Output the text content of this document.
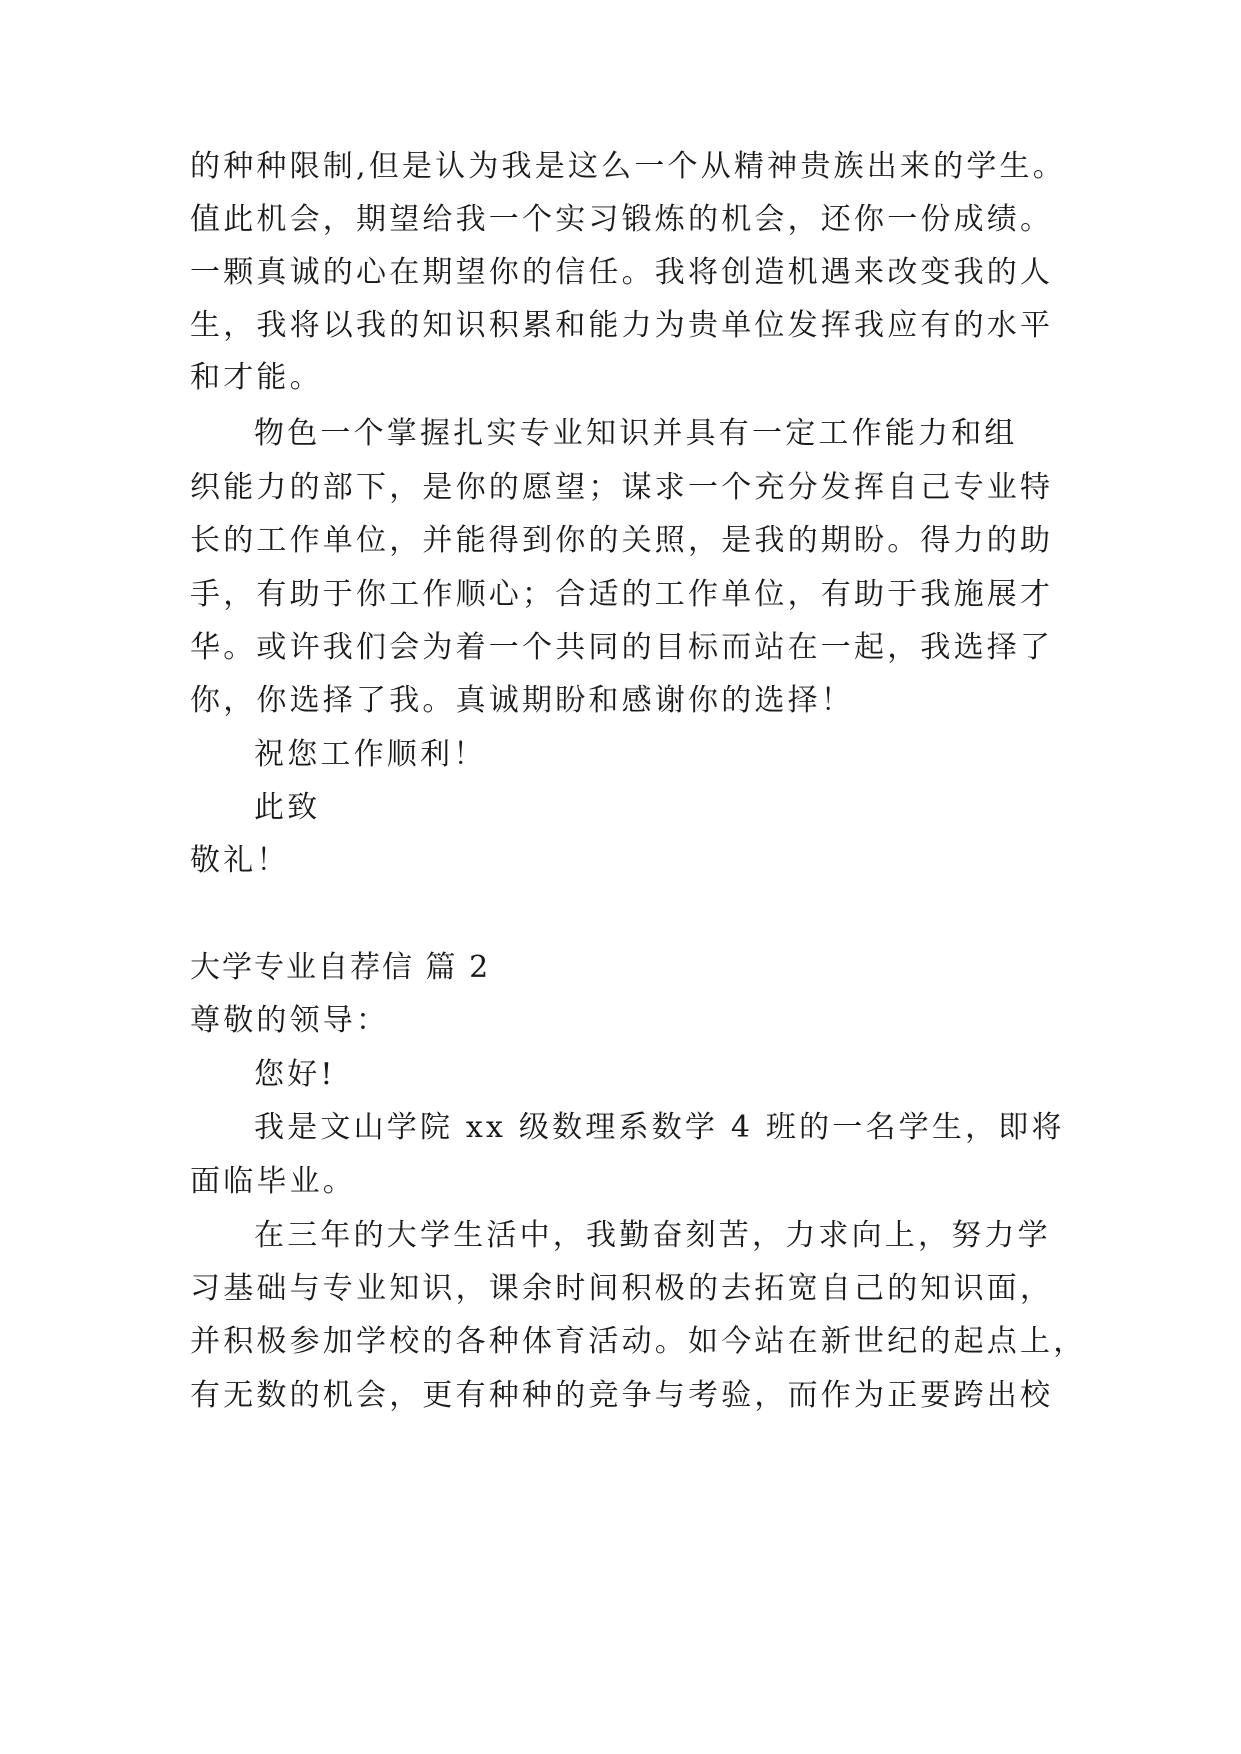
的种种限制,但是认为我是这么一个从精神贵族出来的学生。
值此机会，期望给我一个实习锻炼的机会，还你一份成绩。
一颗真诚的心在期望你的信任。我将创造机遇来改变我的人
生，我将以我的知识积累和能力为贵单位发挥我应有的水平
和才能。
物色一个掌握扎实专业知识并具有一定工作能力和组
织能力的部下，是你的愿望；谋求一个充分发挥自己专业特
长的工作单位，并能得到你的关照，是我的期盼。得力的助
手，有助于你工作顺心；合适的工作单位，有助于我施展才
华。或许我们会为着一个共同的目标而站在一起，我选择了
你，你选择了我。真诚期盼和感谢你的选择！
祝您工作顺利！
此致
敬礼！
大学专业自荐信 篇 2
尊敬的领导：
您好!
我是文山学院 xx 级数理系数学 4 班的一名学生，即将
面临毕业。
在三年的大学生活中，我勤奋刻苦，力求向上，努力学
习基础与专业知识，课余时间积极的去拓宽自己的知识面，
并积极参加学校的各种体育活动。如今站在新世纪的起点上，
有无数的机会，更有种种的竞争与考验，而作为正要跨出校
